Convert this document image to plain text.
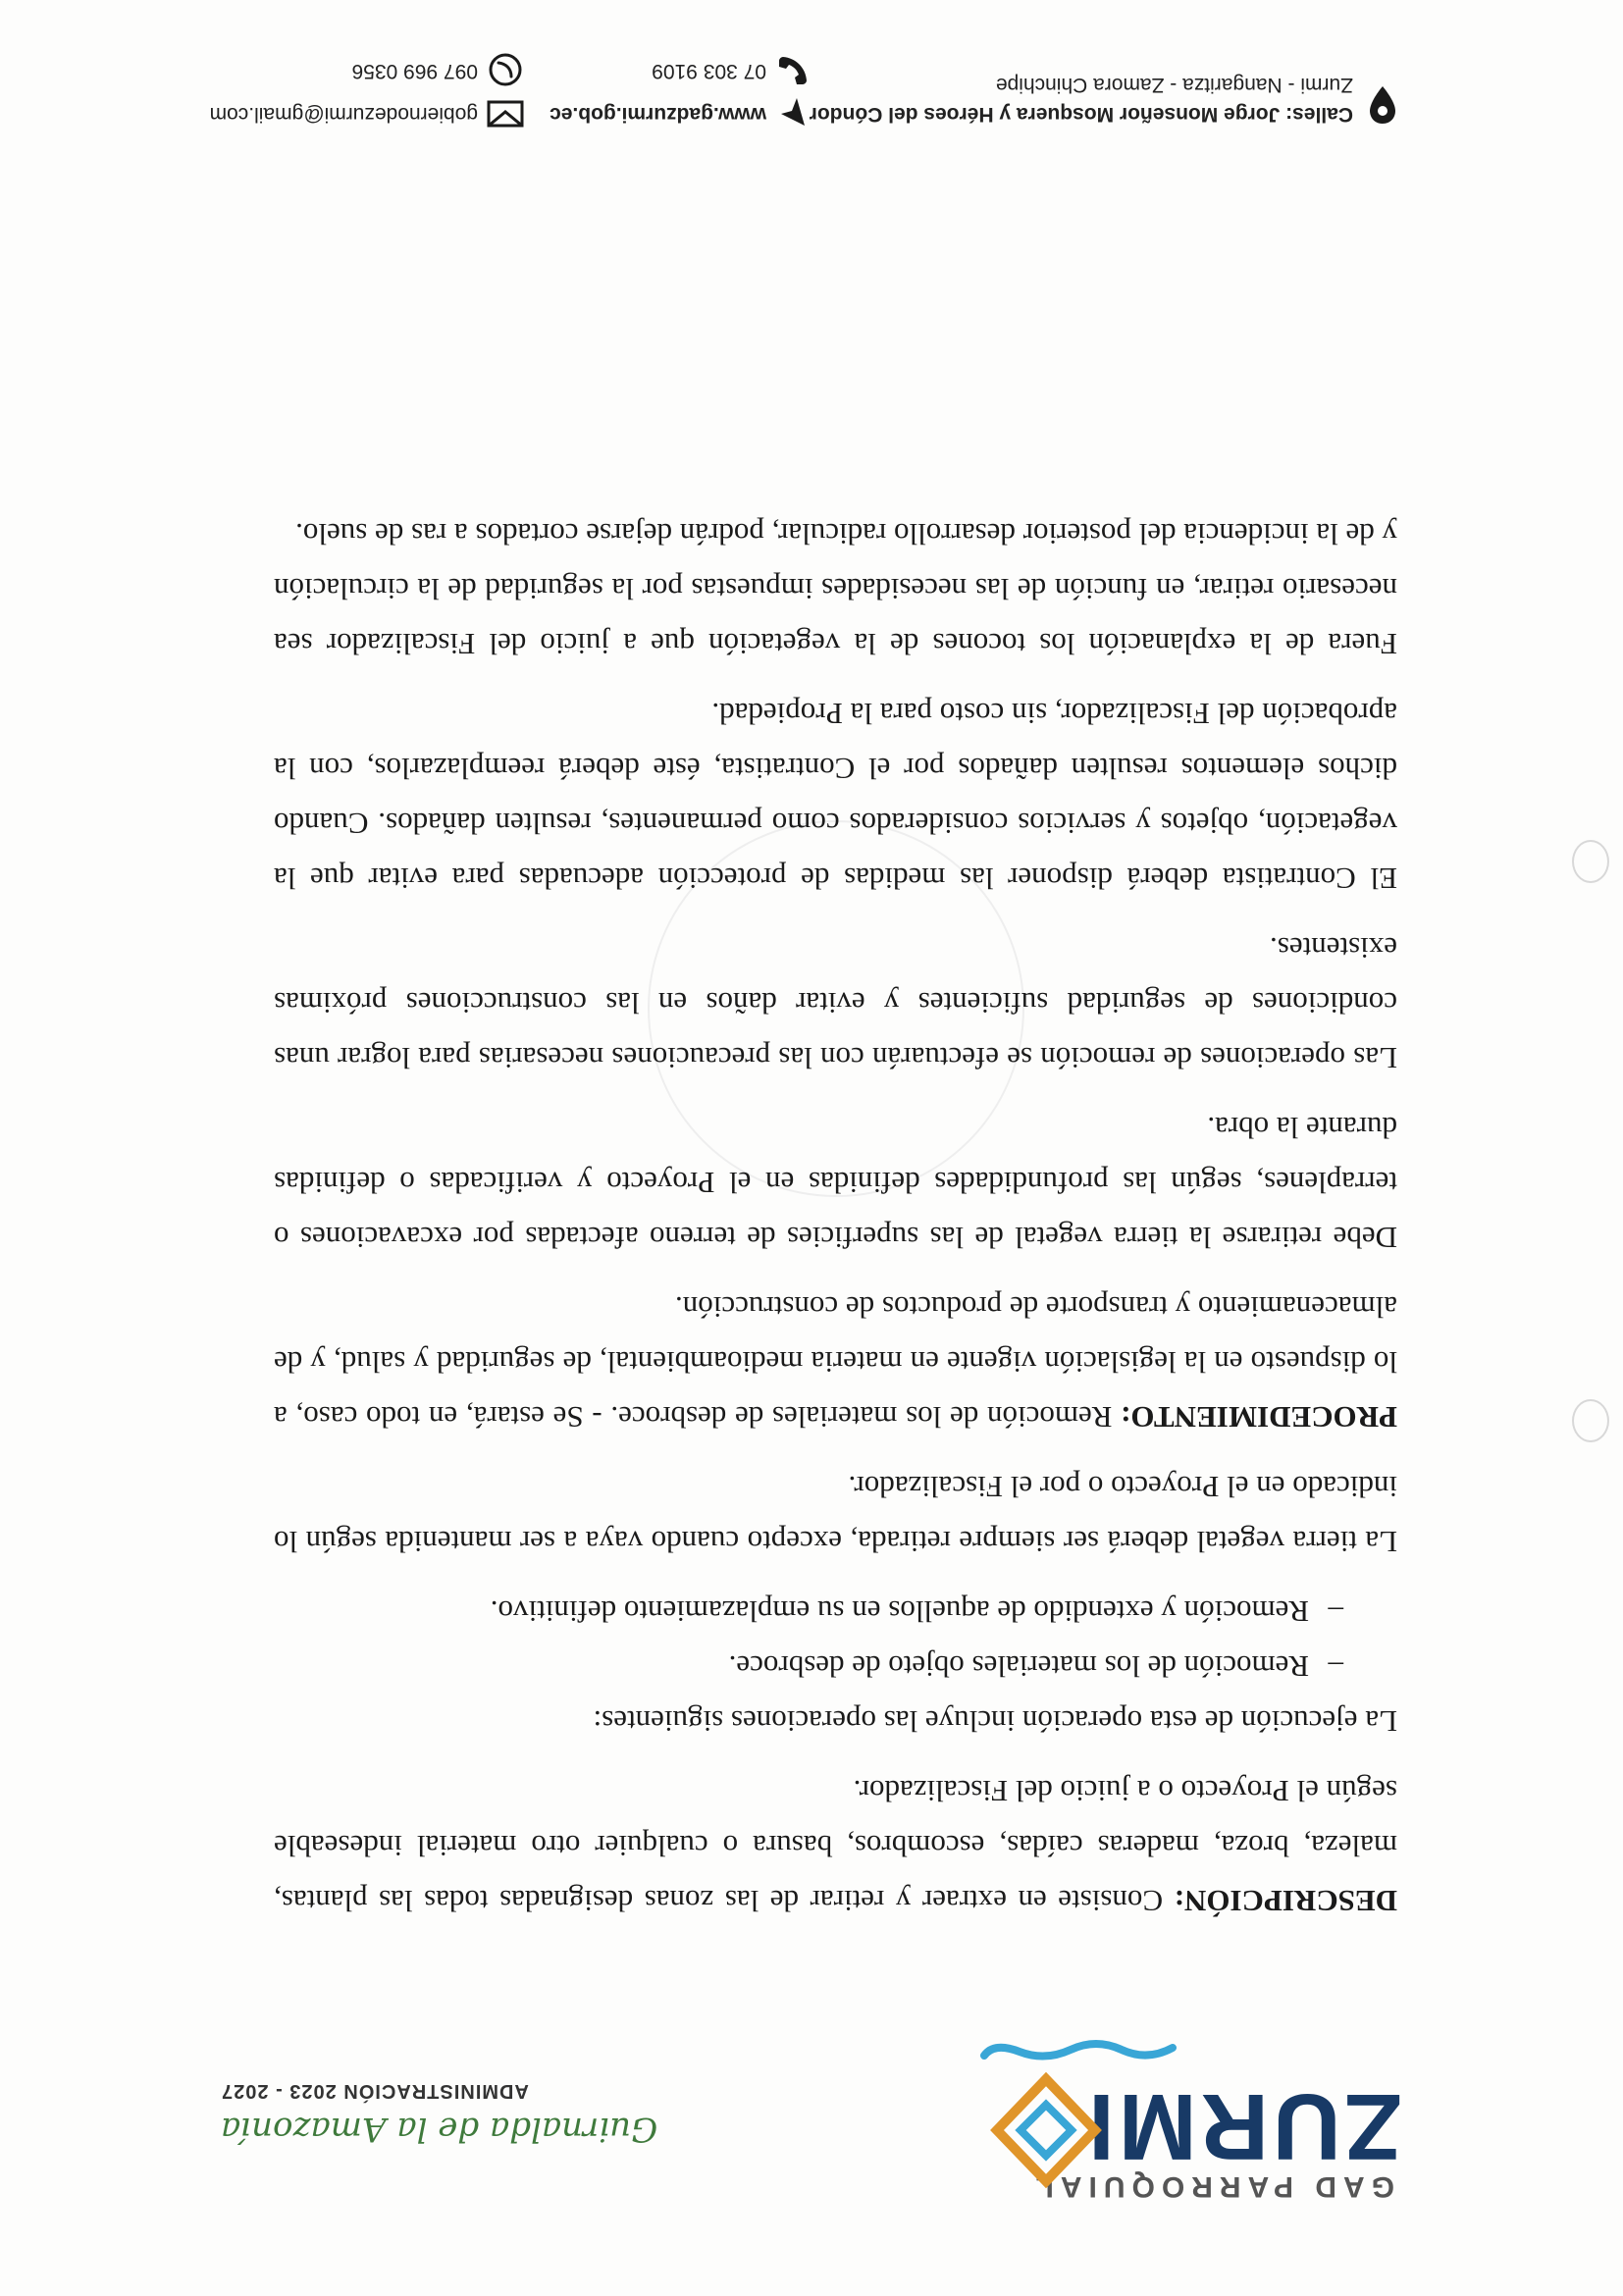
GAD PARROQUIAL
ZURMI
Guirnalda de la Amazonía
ADMINISTRACIÓN 2023 - 2027

DESCRIPCIÓN: Consiste en extraer y retirar de las zonas designadas todas las plantas, maleza, broza, maderas caídas, escombros, basura o cualquier otro material indeseable según el Proyecto o a juicio del Fiscalizador.

La ejecución de esta operación incluye las operaciones siguientes:

–
Remoción de los materiales objeto de desbroce.
–
Remoción y extendido de aquellos en su emplazamiento definitivo.

La tierra vegetal deberá ser siempre retirada, excepto cuando vaya a ser mantenida según lo indicado en el Proyecto o por el Fiscalizador.

PROCEDIMIENTO: Remoción de los materiales de desbroce. - Se estará, en todo caso, a lo dispuesto en la legislación vigente en materia medioambiental, de seguridad y salud, y de almacenamiento y transporte de productos de construcción.

Debe retirarse la tierra vegetal de las superficies de terreno afectadas por excavaciones o terraplenes, según las profundidades definidas en el Proyecto y verificadas o definidas durante la obra.

Las operaciones de remoción se efectuarán con las precauciones necesarias para lograr unas condiciones de seguridad suficientes y evitar daños en las construcciones próximas existentes.

El Contratista deberá disponer las medidas de protección adecuadas para evitar que la vegetación, objetos y servicios considerados como permanentes, resulten dañados. Cuando dichos elementos resulten dañados por el Contratista, éste deberá reemplazarlos, con la aprobación del Fiscalizador, sin costo para la Propiedad.

Fuera de la explanación los tocones de la vegetación que a juicio del Fiscalizador sea necesario retirar, en función de las necesidades impuestas por la seguridad de la circulación y de la incidencia del posterior desarrollo radicular, podrán dejarse cortados a ras de suelo.

Calles: Jorge Monseñor Mosquera y Héroes del Cóndor
Zurmi - Nangaritza - Zamora Chinchipe
www.gadzurmi.gob.ec
07 303 9109
gobiernodezurmi@gmail.com
097 969 0356
